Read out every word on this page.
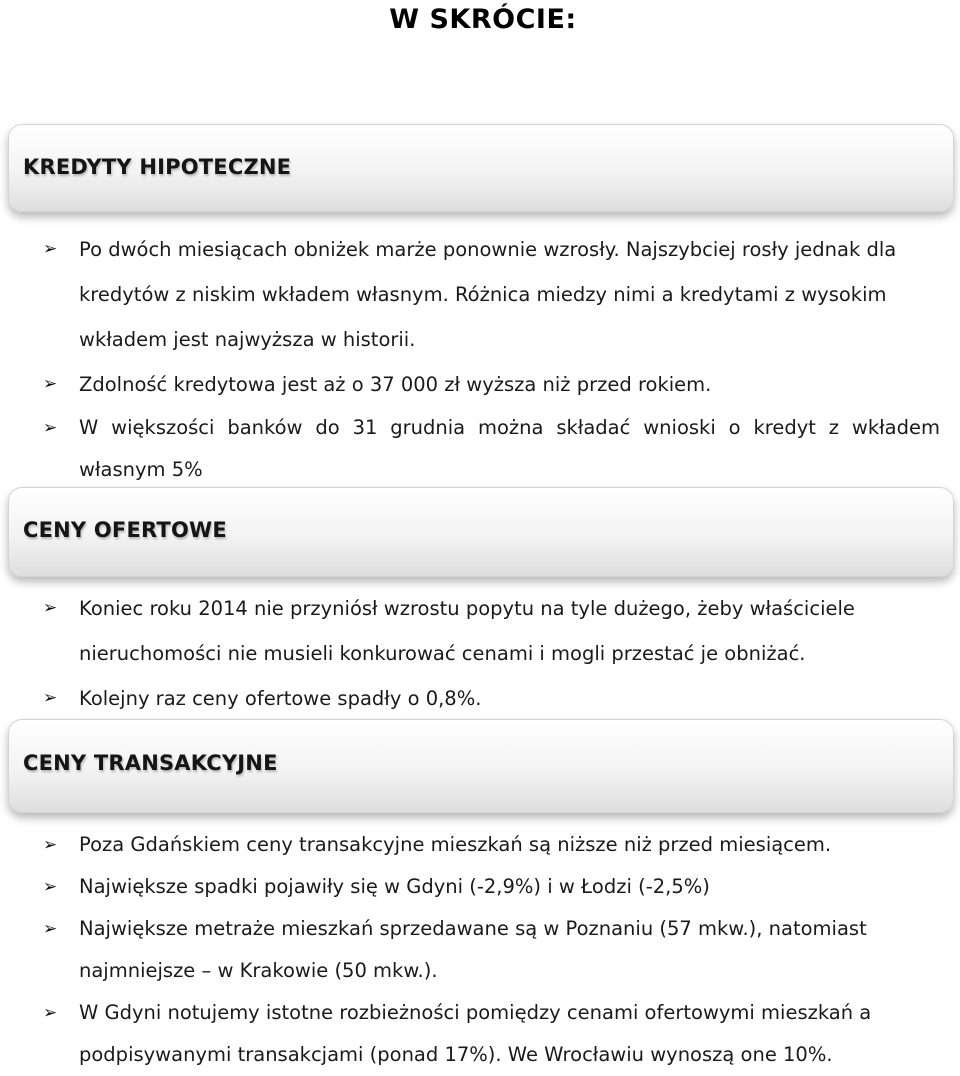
W SKRÓCIE:
KREDYTY HIPOTECZNE
➢ Po dwóch miesiącach obniżek marże ponownie wzrosły. Najszybciej rosły jednak dla kredytów z niskim wkładem własnym. Różnica miedzy nimi a kredytami z wysokim wkładem jest najwyższa w historii.
➢ Zdolność kredytowa jest aż o 37 000 zł wyższa niż przed rokiem.
➢ W większości banków do 31 grudnia można składać wnioski o kredyt z wkładem własnym 5%
CENY OFERTOWE
➢ Koniec roku 2014 nie przyniósł wzrostu popytu na tyle dużego, żeby właściciele nieruchomości nie musieli konkurować cenami i mogli przestać je obniżać.
➢ Kolejny raz ceny ofertowe spadły o 0,8%.
CENY TRANSAKCYJNE
➢ Poza Gdańskiem ceny transakcyjne mieszkań są niższe niż przed miesiącem.
➢ Największe spadki pojawiły się w Gdyni (-2,9%) i w Łodzi (-2,5%)
➢ Największe metraże mieszkań sprzedawane są w Poznaniu (57 mkw.), natomiast najmniejsze – w Krakowie (50 mkw.).
➢ W Gdyni notujemy istotne rozbieżności pomiędzy cenami ofertowymi mieszkań a podpisywanymi transakcjami (ponad 17%). We Wrocławiu wynoszą one 10%.
